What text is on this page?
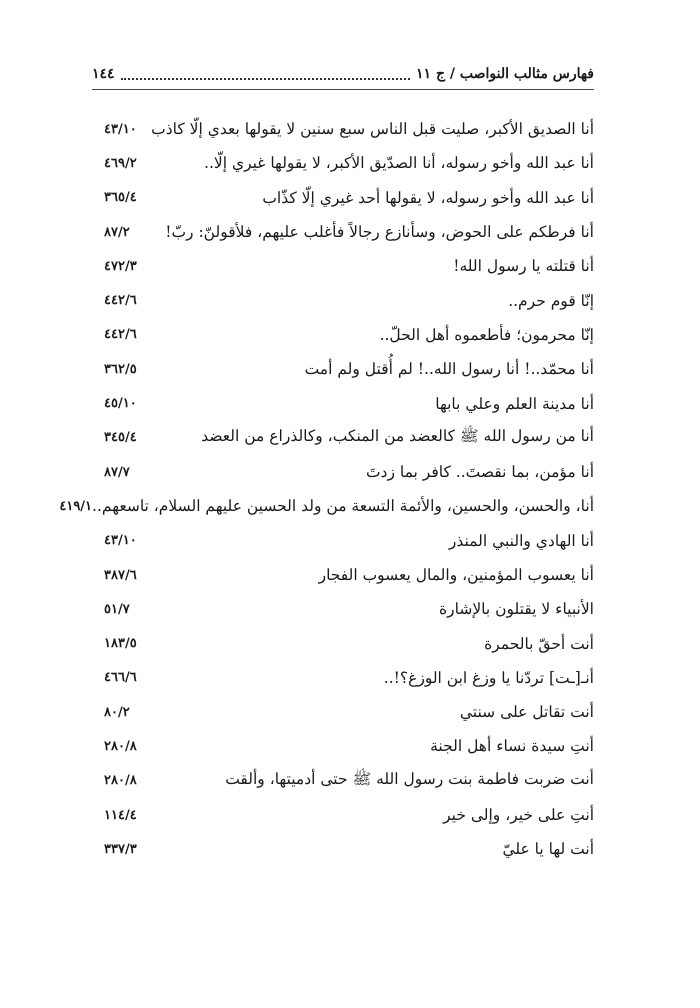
فهارس مثالب النواصب / ج ١١
١٤٤
أنا الصديق الأكبر، صليت قبل الناس سبع سنين لا يقولها بعدي إلّا كاذب
٤٣/١٠
أنا عبد الله وأخو رسوله، أنا الصدّيق الأكبر، لا يقولها غيري إلّا..
٤٦٩/٢
أنا عبد الله وأخو رسوله، لا يقولها أحد غيري إلّا كذّاب
٣٦٥/٤
أنا فرطكم على الحوض، وسأنازع رجالاً فأغلب عليهم، فلأقولنّ: ربّ!
٨٧/٢
أنا قتلته يا رسول الله!
٤٧٢/٣
إنّا قوم حرم..
٤٤٢/٦
إنّا محرمون؛ فأطعموه أهل الحلّ..
٤٤٢/٦
أنا محمّد..! أنا رسول الله..! لم أُقتل ولم أمت
٣٦٢/٥
أنا مدينة العلم وعلي بابها
٤٥/١٠
أنا من رسول الله ﷺ كالعضد من المنكب، وكالذراع من العضد
٣٤٥/٤
أنا مؤمن، بما نقصتَ.. كافر بما زدتَ
٨٧/٧
أنا، والحسن، والحسين، والأئمة التسعة من ولد الحسين عليهم السلام، تاسعهم..
٤١٩/١
أنا الهادي والنبي المنذر
٤٣/١٠
أنا يعسوب المؤمنين، والمال يعسوب الفجار
٣٨٧/٦
الأنبياء لا يقتلون بالإشارة
٥١/٧
أنت أحقّ بالحمرة
١٨٣/٥
أنـ[ـت] تردّنا يا وزغ ابن الوزغ؟!..
٤٦٦/٦
أنت تقاتل على سنتي
٨٠/٢
أنتِ سيدة نساء أهل الجنة
٢٨٠/٨
أنت ضربت فاطمة بنت رسول الله ﷺ حتى أدميتها، وألقت
٢٨٠/٨
أنتِ على خير، وإلى خير
١١٤/٤
أنت لها يا عليّ
٣٣٧/٣
